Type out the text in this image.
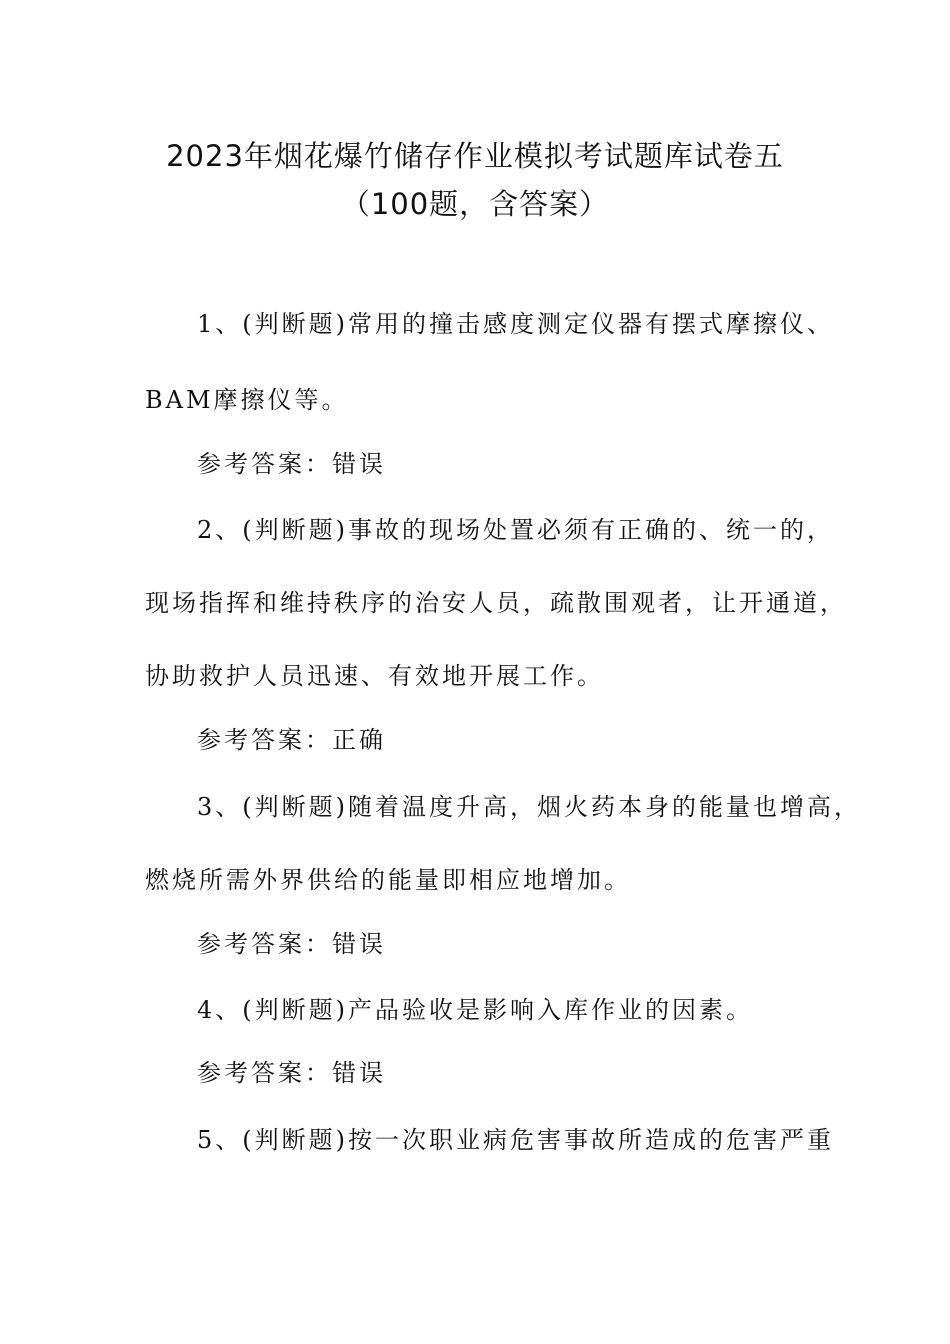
2023年烟花爆竹储存作业模拟考试题库试卷五
（100题，含答案）
1、(判断题)常用的撞击感度测定仪器有摆式摩擦仪、
BAM摩擦仪等。
参考答案：错误
2、(判断题)事故的现场处置必须有正确的、统一的，
现场指挥和维持秩序的治安人员，疏散围观者，让开通道，
协助救护人员迅速、有效地开展工作。
参考答案：正确
3、(判断题)随着温度升高，烟火药本身的能量也增高，
燃烧所需外界供给的能量即相应地增加。
参考答案：错误
4、(判断题)产品验收是影响入库作业的因素。
参考答案：错误
5、(判断题)按一次职业病危害事故所造成的危害严重
